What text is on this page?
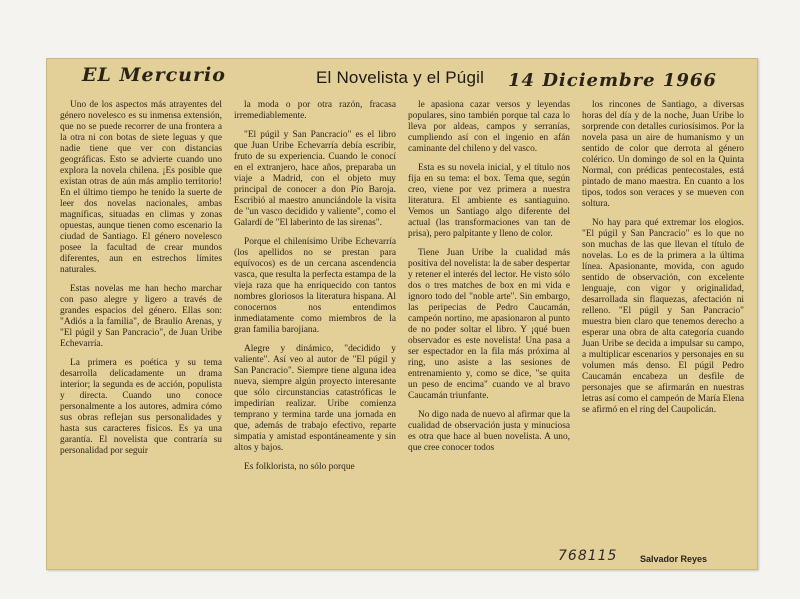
EL Mercurio	El Novelista y el Púgil 14 Diciembre 1966

Uno de los aspectos más atrayentes del género novelesco es su inmensa extensión, que no se puede recorrer de una frontera a la otra ni con botas de siete leguas y que nadie tiene que ver con distancias geográficas. Esto se advierte cuando uno explora la novela chilena. ¡Es posible que existan otras de aún más amplio territorio! En el último tiempo he tenido la suerte de leer dos novelas nacionales, ambas magníficas, situadas en climas y zonas opuestas, aunque tienen como escenario la ciudad de Santiago. El género novelesco posee la facultad de crear mundos diferentes, aun en estrechos límites naturales.

Estas novelas me han hecho marchar con paso alegre y ligero a través de grandes espacios del género. Ellas son: "Adiós a la familia", de Braulio Arenas, y "El púgil y San Pancracio", de Juan Uribe Echevarría.

La primera es poética y su tema desarrolla delicadamente un drama interior; la segunda es de acción, populista y directa. Cuando uno conoce personalmente a los autores, admira cómo sus obras reflejan sus personalidades y hasta sus caracteres físicos. Es ya una garantía. El novelista que contraría su personalidad por seguir

la moda o por otra razón, fracasa irremediablemente.

"El púgil y San Pancracio" es el libro que Juan Uribe Echevarría debía escribir, fruto de su experiencia. Cuando le conocí en el extranjero, hace años, preparaba un viaje a Madrid, con el objeto muy principal de conocer a don Pío Baroja. Escribió al maestro anunciándole la visita de "un vasco decidido y valiente", como el Galardí de "El laberinto de las sirenas".

Porque el chilenísimo Uribe Echevarría (los apellidos no se prestan para equívocos) es de un cercana ascendencia vasca, que resulta la perfecta estampa de la vieja raza que ha enriquecido con tantos nombres gloriosos la literatura hispana. Al conocernos nos entendimos inmediatamente como miembros de la gran familia barojiana.

Alegre y dinámico, "decidido y valiente". Así veo al autor de "El púgil y San Pancracio". Siempre tiene alguna idea nueva, siempre algún proyecto interesante que sólo circunstancias catastróficas le impedirían realizar. Uribe comienza temprano y termina tarde una jornada en que, además de trabajo efectivo, reparte simpatía y amistad espontáneamente y sin altos y bajos.

Es folklorista, no sólo porque

le apasiona cazar versos y leyendas populares, sino también porque tal caza lo lleva por aldeas, campos y serranías, cumpliendo así con el ingenio en afán caminante del chileno y del vasco.

Esta es su novela inicial, y el título nos fija en su tema: el box. Tema que, según creo, viene por vez primera a nuestra literatura. El ambiente es santiaguino. Vemos un Santiago algo diferente del actual (las transformaciones van tan de prisa), pero palpitante y lleno de color.

Tiene Juan Uribe la cualidad más positiva del novelista: la de saber despertar y retener el interés del lector. He visto sólo dos o tres matches de box en mi vida e ignoro todo del "noble arte". Sin embargo, las peripecias de Pedro Caucamán, campeón nortino, me apasionaron al punto de no poder soltar el libro. Y ¡qué buen observador es este novelista! Una pasa a ser espectador en la fila más próxima al ring, uno asiste a las sesiones de entrenamiento y, como se dice, "se quita un peso de encima" cuando ve al bravo Caucamán triunfante.

No digo nada de nuevo al afirmar que la cualidad de observación justa y minuciosa es otra que hace al buen novelista. A uno, que cree conocer todos

los rincones de Santiago, a diversas horas del día y de la noche, Juan Uribe lo sorprende con detalles curiosísimos. Por la novela pasa un aire de humanismo y un sentido de color que derrota al género colérico. Un domingo de sol en la Quinta Normal, con prédicas pentecostales, está pintado de mano maestra. En cuanto a los tipos, todos son veraces y se mueven con soltura.

No hay para qué extremar los elogios. "El púgil y San Pancracio" es lo que no son muchas de las que llevan el título de novelas. Lo es de la primera a la última línea. Apasionante, movida, con agudo sentido de observación, con excelente lenguaje, con vigor y originalidad, desarrollada sin flaquezas, afectación ni relleno. "El púgil y San Pancracio" muestra bien claro que tenemos derecho a esperar una obra de alta categoría cuando Juan Uribe se decida a impulsar su campo, a multiplicar escenarios y personajes en su volumen más denso. El púgil Pedro Caucamán encabeza un desfile de personajes que se afirmarán en nuestras letras así como el campeón de María Elena se afirmó en el ring del Caupolicán.

768115	Salvador Reyes
